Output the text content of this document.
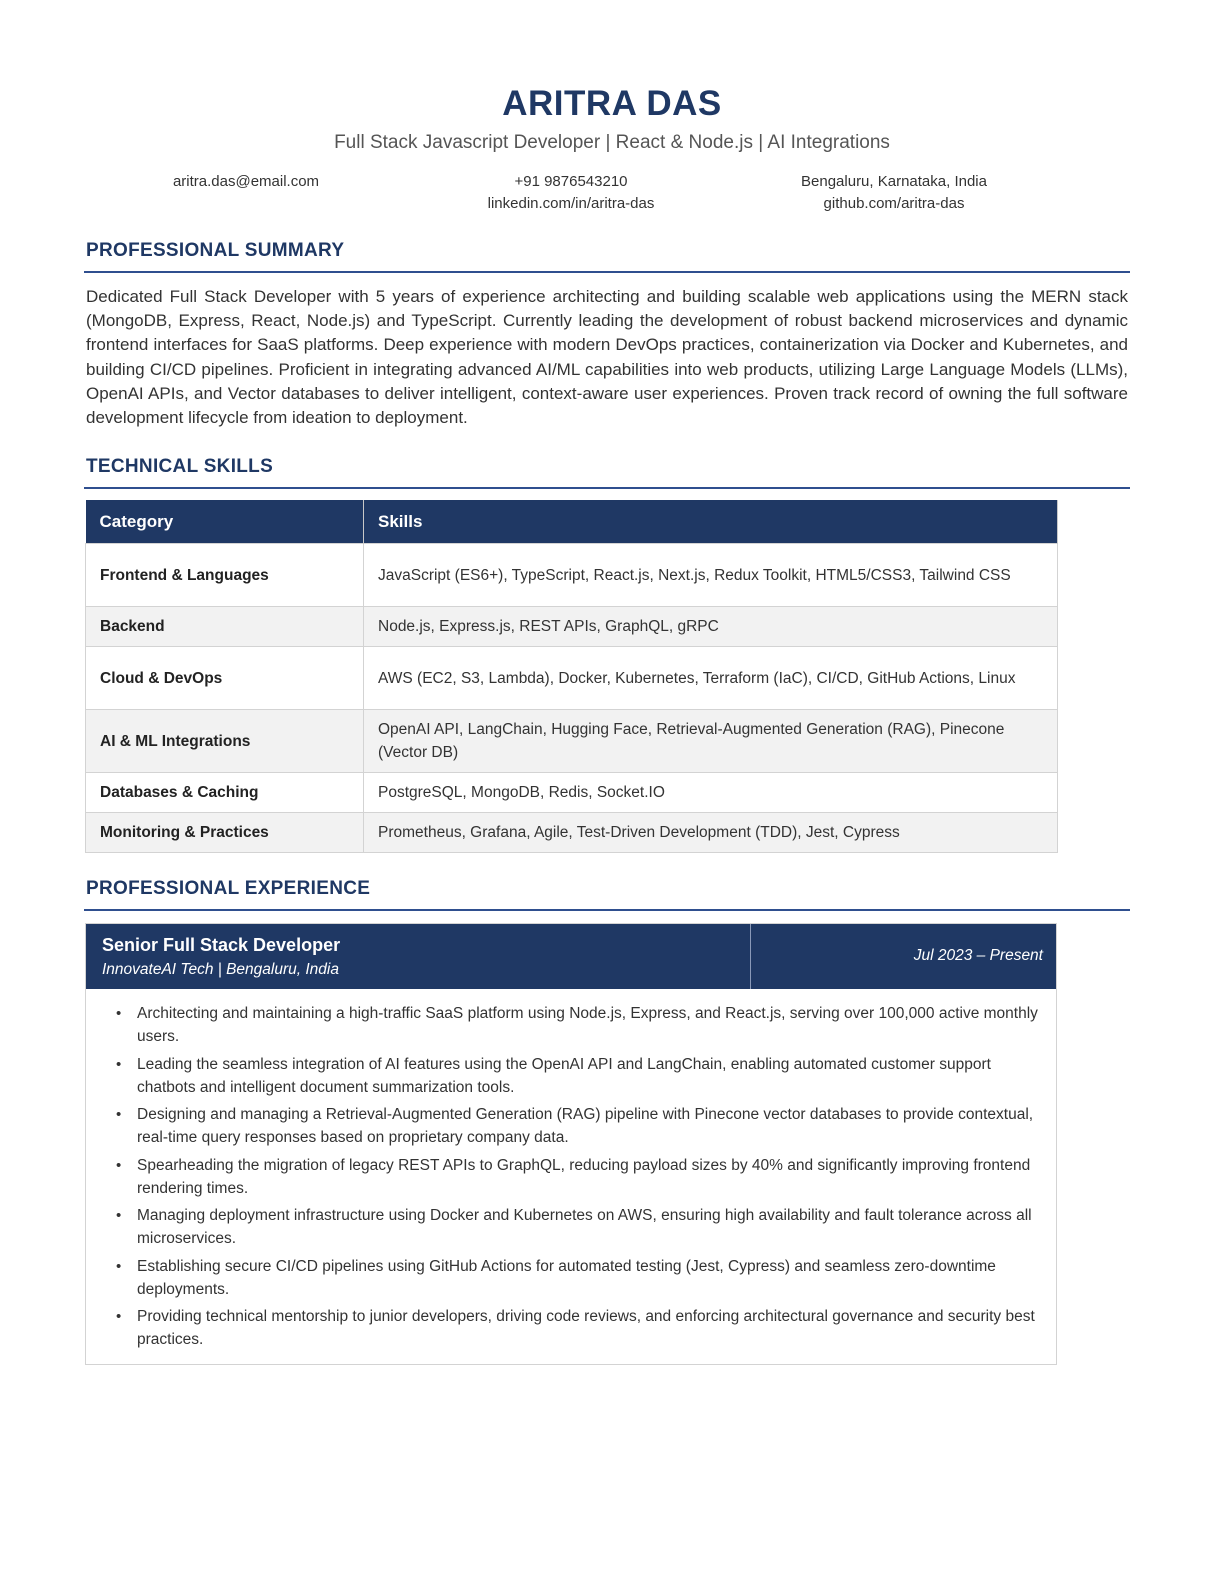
ARITRA DAS
Full Stack Javascript Developer | React & Node.js | AI Integrations
aritra.das@email.com	+91 9876543210
linkedin.com/in/aritra-das
Bengaluru, Karnataka, India
github.com/aritra-das
PROFESSIONAL SUMMARY

Dedicated Full Stack Developer with 5 years of experience architecting and building scalable web applications using the MERN stack (MongoDB, Express, React, Node.js) and TypeScript. Currently leading the development of robust backend microservices and dynamic frontend interfaces for SaaS platforms. Deep experience with modern DevOps practices, containerization via Docker and Kubernetes, and building CI/CD pipelines. Proficient in integrating advanced AI/ML capabilities into web products, utilizing Large Language Models (LLMs), OpenAI APIs, and Vector databases to deliver intelligent, context-aware user experiences. Proven track record of owning the full software development lifecycle from ideation to deployment.

TECHNICAL SKILLS
Category	Skills
Frontend & Languages	JavaScript (ES6+), TypeScript, React.js, Next.js, Redux Toolkit, HTML5/CSS3, Tailwind CSS
Backend	Node.js, Express.js, REST APIs, GraphQL, gRPC
Cloud & DevOps	AWS (EC2, S3, Lambda), Docker, Kubernetes, Terraform (IaC), CI/CD, GitHub Actions, Linux
AI & ML Integrations	OpenAI API, LangChain, Hugging Face, Retrieval-Augmented Generation (RAG), Pinecone (Vector DB)
Databases & Caching	PostgreSQL, MongoDB, Redis, Socket.IO
Monitoring & Practices	Prometheus, Grafana, Agile, Test-Driven Development (TDD), Jest, Cypress
PROFESSIONAL EXPERIENCE
Senior Full Stack Developer
InnovateAI Tech | Bengaluru, India
Jul 2023 – Present
• Architecting and maintaining a high-traffic SaaS platform using Node.js, Express, and React.js, serving over 100,000 active monthly users.
• Leading the seamless integration of AI features using the OpenAI API and LangChain, enabling automated customer support chatbots and intelligent document summarization tools.
• Designing and managing a Retrieval-Augmented Generation (RAG) pipeline with Pinecone vector databases to provide contextual, real-time query responses based on proprietary company data.
• Spearheading the migration of legacy REST APIs to GraphQL, reducing payload sizes by 40% and significantly improving frontend rendering times.
• Managing deployment infrastructure using Docker and Kubernetes on AWS, ensuring high availability and fault tolerance across all microservices.
• Establishing secure CI/CD pipelines using GitHub Actions for automated testing (Jest, Cypress) and seamless zero-downtime deployments.
• Providing technical mentorship to junior developers, driving code reviews, and enforcing architectural governance and security best practices.
